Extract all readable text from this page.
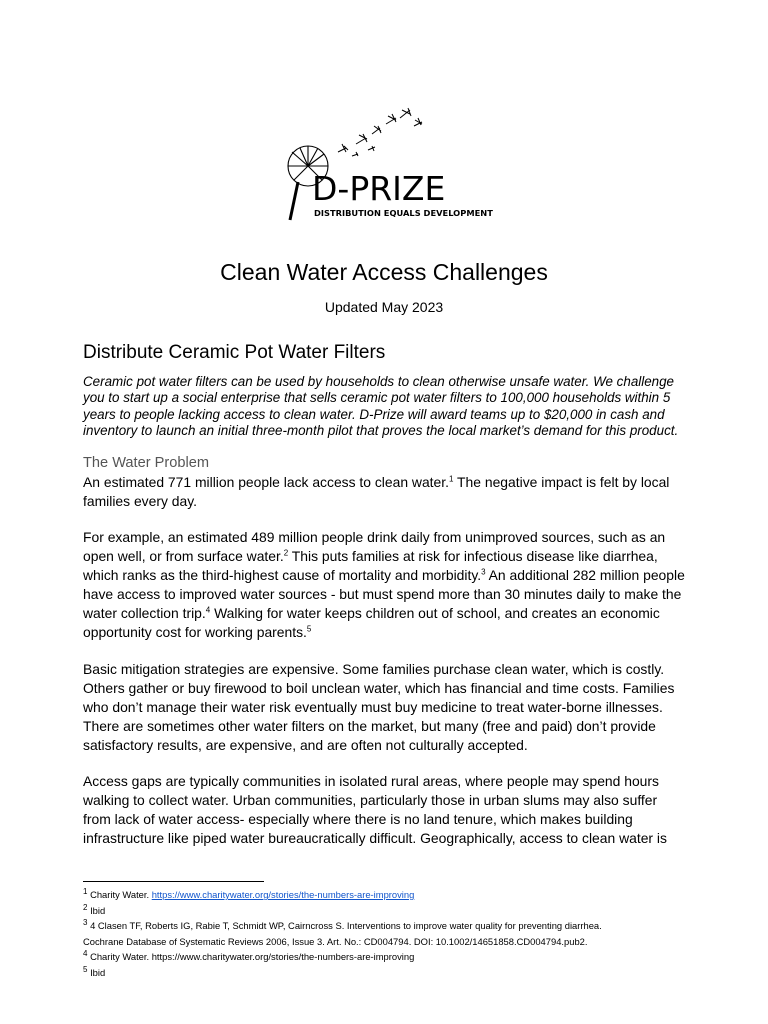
D-PRIZE
DISTRIBUTION EQUALS DEVELOPMENT
Clean Water Access Challenges
Updated May 2023
Distribute Ceramic Pot Water Filters

Ceramic pot water filters can be used by households to clean otherwise unsafe water. We challenge you to start up a social enterprise that sells ceramic pot water filters to 100,000 households within 5 years to people lacking access to clean water. D-Prize will award teams up to $20,000 in cash and inventory to launch an initial three-month pilot that proves the local market’s demand for this product.

The Water Problem

An estimated 771 million people lack access to clean water.$^1$ The negative impact is felt by local families every day.

For example, an estimated 489 million people drink daily from unimproved sources, such as an open well, or from surface water.$^2$ This puts families at risk for infectious disease like diarrhea, which ranks as the third-highest cause of mortality and morbidity.$^3$ An additional 282 million people have access to improved water sources - but must spend more than 30 minutes daily to make the water collection trip.$^4$ Walking for water keeps children out of school, and creates an economic opportunity cost for working parents.$^5$

Basic mitigation strategies are expensive. Some families purchase clean water, which is costly. Others gather or buy firewood to boil unclean water, which has financial and time costs. Families who don’t manage their water risk eventually must buy medicine to treat water-borne illnesses. There are sometimes other water filters on the market, but many (free and paid) don’t provide satisfactory results, are expensive, and are often not culturally accepted.

Access gaps are typically communities in isolated rural areas, where people may spend hours walking to collect water. Urban communities, particularly those in urban slums may also suffer from lack of water access- especially where there is no land tenure, which makes building infrastructure like piped water bureaucratically difficult. Geographically, access to clean water is

$^1$ Charity Water. https://www.charitywater.org/stories/the-numbers-are-improving
$^2$ Ibid
$^3$ 4 Clasen TF, Roberts IG, Rabie T, Schmidt WP, Cairncross S. Interventions to improve water quality for preventing diarrhea.
Cochrane Database of Systematic Reviews 2006, Issue 3. Art. No.: CD004794. DOI: 10.1002/14651858.CD004794.pub2.
$^4$ Charity Water. https://www.charitywater.org/stories/the-numbers-are-improving
$^5$ Ibid
